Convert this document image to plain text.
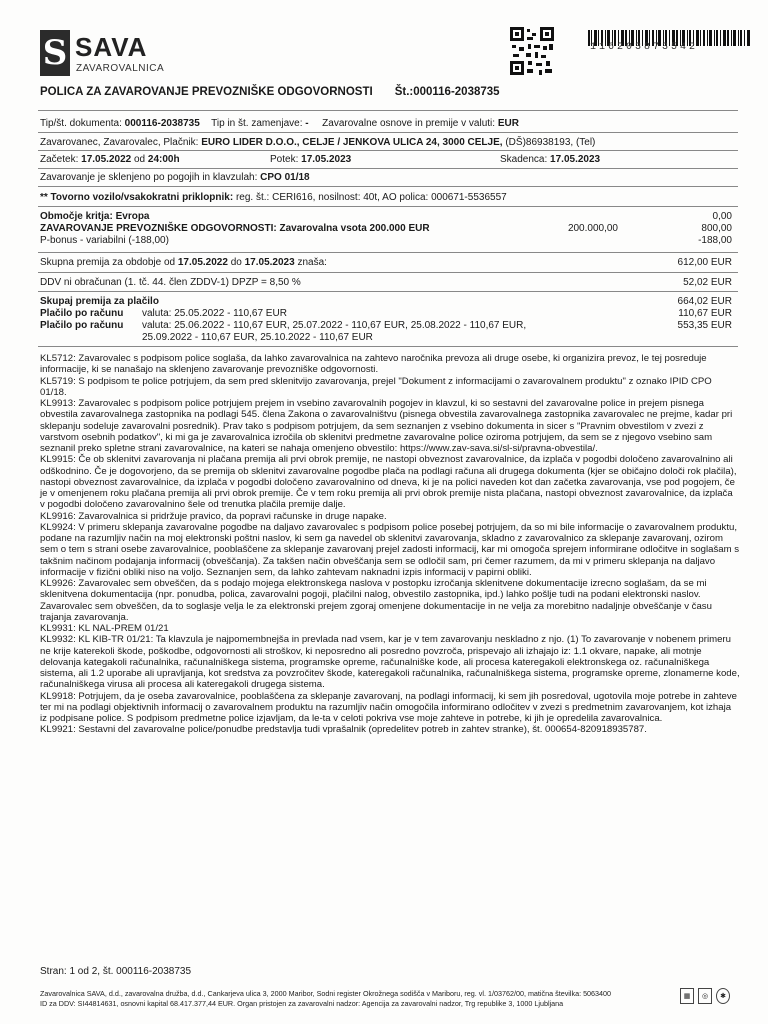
S SAVA
ZAVAROVALNICA
116203873542
POLICA ZA ZAVAROVANJE PREVOZNIŠKE ODGOVORNOSTI Št.:000116-2038735
Tip/št. dokumenta: 000116-2038735 Tip in št. zamenjave: - Zavarovalne osnove in premije v valuti: EUR
Zavarovanec, Zavarovalec, Plačnik: EURO LIDER D.O.O., CELJE / JENKOVA ULICA 24, 3000 CELJE, (DŠ)86938193, (Tel)
Začetek: 17.05.2022 od 24:00h	Potek: 17.05.2023	Skadenca: 17.05.2023
Zavarovanje je sklenjeno po pogojih in klavzulah: CPO 01/18
** Tovorno vozilo/vsakokratni priklopnik: reg. št.: CERI616, nosilnost: 40t, AO polica: 000671-5536557
Območje kritja: Evropa	0,00
ZAVAROVANJE PREVOZNIŠKE ODGOVORNOSTI: Zavarovalna vsota 200.000 EUR	200.000,00	800,00
P-bonus - variabilni (-188,00)	-188,00
Skupna premija za obdobje od 17.05.2022 do 17.05.2023 znaša:	612,00 EUR
DDV ni obračunan (1. tč. 44. člen ZDDV-1) DPZP = 8,50 %	52,02 EUR
Skupaj premija za plačilo	664,02 EUR
Plačilo po računu valuta: 25.05.2022 - 110,67 EUR	110,67 EUR
Plačilo po računu valuta: 25.06.2022 - 110,67 EUR, 25.07.2022 - 110,67 EUR, 25.08.2022 - 110,67 EUR,
25.09.2022 - 110,67 EUR, 25.10.2022 - 110,67 EUR
553,35 EUR

KL5712: Zavarovalec s podpisom police soglaša, da lahko zavarovalnica na zahtevo naročnika prevoza ali druge osebe, ki organizira prevoz, le tej posreduje informacije, ki se nanašajo na sklenjeno zavarovanje prevozniške odgovornosti.

KL5719: S podpisom te police potrjujem, da sem pred sklenitvijo zavarovanja, prejel "Dokument z informacijami o zavarovalnem produktu" z oznako IPID CPO 01/18.

KL9913: Zavarovalec s podpisom police potrjujem prejem in vsebino zavarovalnih pogojev in klavzul, ki so sestavni del zavarovalne police in prejem pisnega obvestila zavarovalnega zastopnika na podlagi 545. člena Zakona o zavarovalništvu (pisnega obvestila zavarovalnega zastopnika zavarovalec ne prejme, kadar pri sklepanju sodeluje zavarovalni posrednik). Prav tako s podpisom potrjujem, da sem seznanjen z vsebino dokumenta in sicer s "Pravnim obvestilom v zvezi z varstvom osebnih podatkov", ki mi ga je zavarovalnica izročila ob sklenitvi predmetne zavarovalne police oziroma potrjujem, da sem se z njegovo vsebino sam seznanil preko spletne strani zavarovalnice, na kateri se nahaja omenjeno obvestilo: https://www.zav-sava.si/sl-si/pravna-obvestila/.

KL9915: Če ob sklenitvi zavarovanja ni plačana premija ali prvi obrok premije, ne nastopi obveznost zavarovalnice, da izplača v pogodbi določeno zavarovalnino ali odškodnino. Če je dogovorjeno, da se premija ob sklenitvi zavarovalne pogodbe plača na podlagi računa ali drugega dokumenta (kjer se običajno določi rok plačila), nastopi obveznost zavarovalnice, da izplača v pogodbi določeno zavarovalnino od dneva, ki je na polici naveden kot dan začetka zavarovanja, vse pod pogojem, če je v omenjenem roku plačana premija ali prvi obrok premije. Če v tem roku premija ali prvi obrok premije nista plačana, nastopi obveznost zavarovalnice, da izplača v pogodbi določeno zavarovalnino šele od trenutka plačila premije dalje.

KL9916: Zavarovalnica si pridržuje pravico, da popravi računske in druge napake.

KL9924: V primeru sklepanja zavarovalne pogodbe na daljavo zavarovalec s podpisom police posebej potrjujem, da so mi bile informacije o zavarovalnem produktu, podane na razumljiv način na moj elektronski poštni naslov, ki sem ga navedel ob sklenitvi zavarovanja, skladno z zavarovalnico za sklepanje zavarovanj, ozirom sem o tem s strani osebe zavarovalnice, pooblaščene za sklepanje zavarovanj prejel zadosti informacij, kar mi omogoča sprejem informirane odločitve in soglašam s takšnim načinom podajanja informacij (obveščanja). Za takšen način obveščanja sem se odločil sam, pri čemer razumem, da mi v primeru sklepanja na daljavo informacije v fizični obliki niso na voljo. Seznanjen sem, da lahko zahtevam naknadni izpis informacij v papirni obliki.

KL9926: Zavarovalec sem obveščen, da s podajo mojega elektronskega naslova v postopku izročanja sklenitvene dokumentacije izrecno soglašam, da se mi sklenitvena dokumentacija (npr. ponudba, polica, zavarovalni pogoji, plačilni nalog, obvestilo zastopnika, ipd.) lahko pošlje tudi na podani elektronski naslov. Zavarovalec sem obveščen, da to soglasje velja le za elektronski prejem zgoraj omenjene dokumentacije in ne velja za morebitno nadaljnje obveščanje v času trajanja zavarovanja.

KL9931: KL NAL-PREM 01/21

KL9932: KL KIB-TR 01/21: Ta klavzula je najpomembnejša in prevlada nad vsem, kar je v tem zavarovanju neskladno z njo. (1) To zavarovanje v nobenem primeru ne krije katerekoli škode, poškodbe, odgovornosti ali stroškov, ki neposredno ali posredno povzroča, prispevajo ali izhajajo iz: 1.1 okvare, napake, ali motnje delovanja kategakoli računalnika, računalniškega sistema, programske opreme, računalniške kode, ali procesa kateregakoli elektronskega oz. računalniškega sistema, ali 1.2 uporabe ali upravljanja, kot sredstva za povzročitev škode, kateregakoli računalnika, računalniškega sistema, programske opreme, zlonamerne kode, računalniškega virusa ali procesa ali kateregakoli drugega sistema.

KL9918: Potrjujem, da je oseba zavarovalnice, pooblaščena za sklepanje zavarovanj, na podlagi informacij, ki sem jih posredoval, ugotovila moje potrebe in zahteve ter mi na podlagi objektivnih informacij o zavarovalnem produktu na razumljiv način omogočila informirano odločitev v zvezi s predmetnim zavarovanjem, kot izhaja iz podpisane police. S podpisom predmetne police izjavljam, da le-ta v celoti pokriva vse moje zahteve in potrebe, ki jih je opredelila zavarovalnica.

KL9921: Sestavni del zavarovalne police/ponudbe predstavlja tudi vprašalnik (opredelitev potreb in zahtev stranke), št. 000654-820918935787.

Stran: 1 od 2, št. 000116-2038735
Zavarovalnica SAVA, d.d., zavarovalna družba, d.d., Cankarjeva ulica 3, 2000 Maribor, Sodni register Okrožnega sodišča v Mariboru, reg. vl. 1/03762/00, matična številka: 5063400
ID za DDV: SI44814631, osnovni kapital 68.417.377,44 EUR. Organ pristojen za zavarovalni nadzor: Agencija za zavarovalni nadzor, Trg republike 3, 1000 Ljubljana
▦	◎	✱
